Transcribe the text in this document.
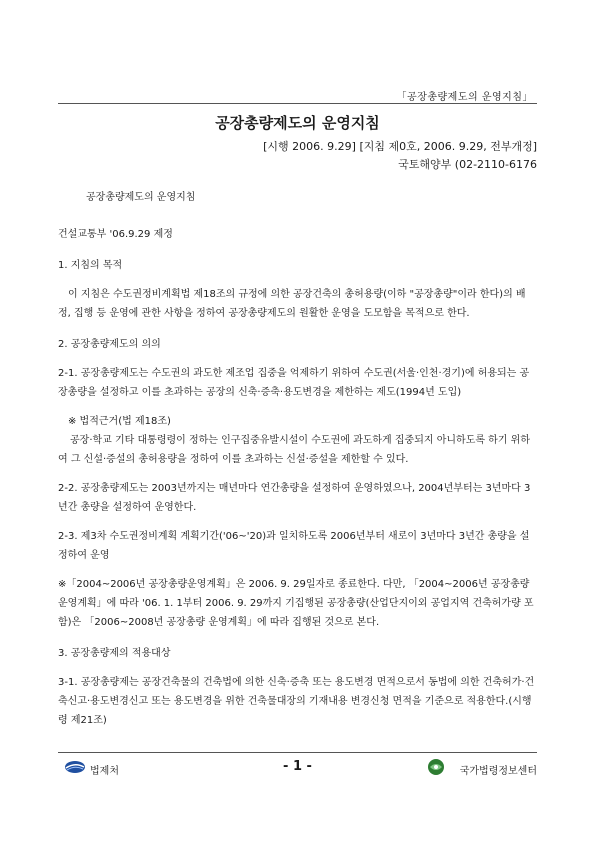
「공장총량제도의 운영지침」
공장총량제도의 운영지침
[시행 2006. 9.29] [지침 제0호, 2006. 9.29, 전부개정]
국토해양부 (02-2110-6176

공장총량제도의 운영지침

건설교통부 '06.9.29 제정

1. 지침의 목적

이 지침은 수도권정비계획법 제18조의 규정에 의한 공장건축의 총허용량(이하 "공장총량"이라 한다)의 배정, 집행 등 운영에 관한 사항을 정하여 공장총량제도의 원활한 운영을 도모함을 목적으로 한다.

2. 공장총량제도의 의의

2-1. 공장총량제도는 수도권의 과도한 제조업 집중을 억제하기 위하여 수도권(서울·인천·경기)에 허용되는 공장총량을 설정하고 이를 초과하는 공장의 신축·증축·용도변경을 제한하는 제도(1994년 도입)

※ 법적근거(법 제18조)

공장·학교 기타 대통령령이 정하는 인구집중유발시설이 수도권에 과도하게 집중되지 아니하도록 하기 위하여 그 신설·증설의 총허용량을 정하여 이를 초과하는 신설·증설을 제한할 수 있다.

2-2. 공장총량제도는 2003년까지는 매년마다 연간총량을 설정하여 운영하였으나, 2004년부터는 3년마다 3년간 총량을 설정하여 운영한다.

2-3. 제3차 수도권정비계획 계획기간('06~'20)과 일치하도록 2006년부터 새로이 3년마다 3년간 총량을 설정하여 운영

※「2004~2006년 공장총량운영계획」은 2006. 9. 29일자로 종료한다. 다만, 「2004~2006년 공장총량 운영계획」에 따라 '06. 1. 1부터 2006. 9. 29까지 기집행된 공장총량(산업단지이외 공업지역 건축허가량 포함)은 「2006~2008년 공장총량 운영계획」에 따라 집행된 것으로 본다.

3. 공장총량제의 적용대상

3-1. 공장총량제는 공장건축물의 건축법에 의한 신축·증축 또는 용도변경 면적으로서 동법에 의한 건축허가·건축신고·용도변경신고 또는 용도변경을 위한 건축물대장의 기재내용 변경신청 면적을 기준으로 적용한다.(시행령 제21조)

법제처	- 1 -	국가법령정보센터
